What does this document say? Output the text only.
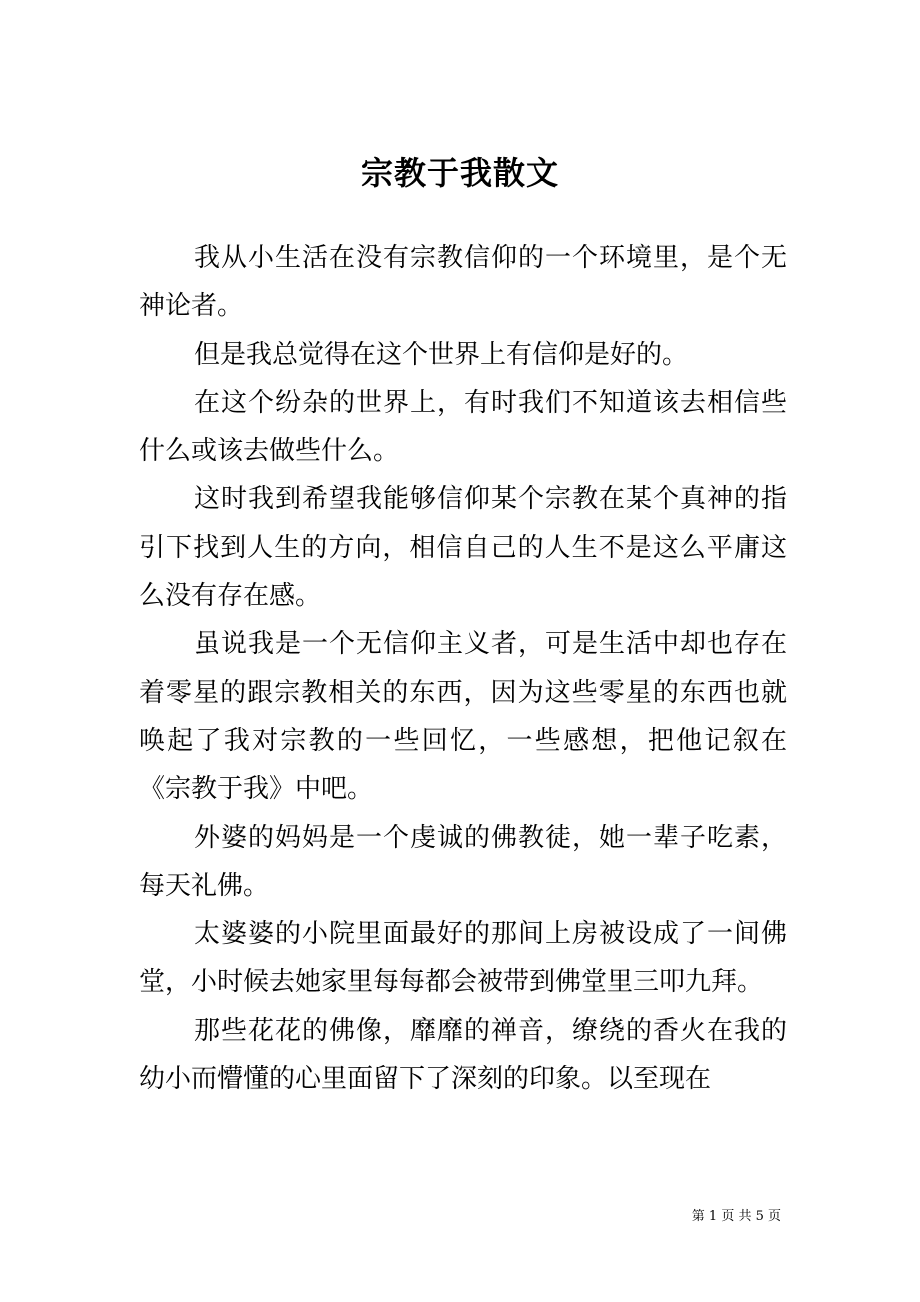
宗教于我散文

我从小生活在没有宗教信仰的一个环境里，是个无神论者。

但是我总觉得在这个世界上有信仰是好的。

在这个纷杂的世界上，有时我们不知道该去相信些什么或该去做些什么。

这时我到希望我能够信仰某个宗教在某个真神的指引下找到人生的方向，相信自己的人生不是这么平庸这么没有存在感。

虽说我是一个无信仰主义者，可是生活中却也存在着零星的跟宗教相关的东西，因为这些零星的东西也就唤起了我对宗教的一些回忆，一些感想，把他记叙在《宗教于我》中吧。

外婆的妈妈是一个虔诚的佛教徒，她一辈子吃素，每天礼佛。

太婆婆的小院里面最好的那间上房被设成了一间佛堂，小时候去她家里每每都会被带到佛堂里三叩九拜。

那些花花的佛像，靡靡的禅音，缭绕的香火在我的幼小而懵懂的心里面留下了深刻的印象。以至现在

第 1 页 共 5 页
